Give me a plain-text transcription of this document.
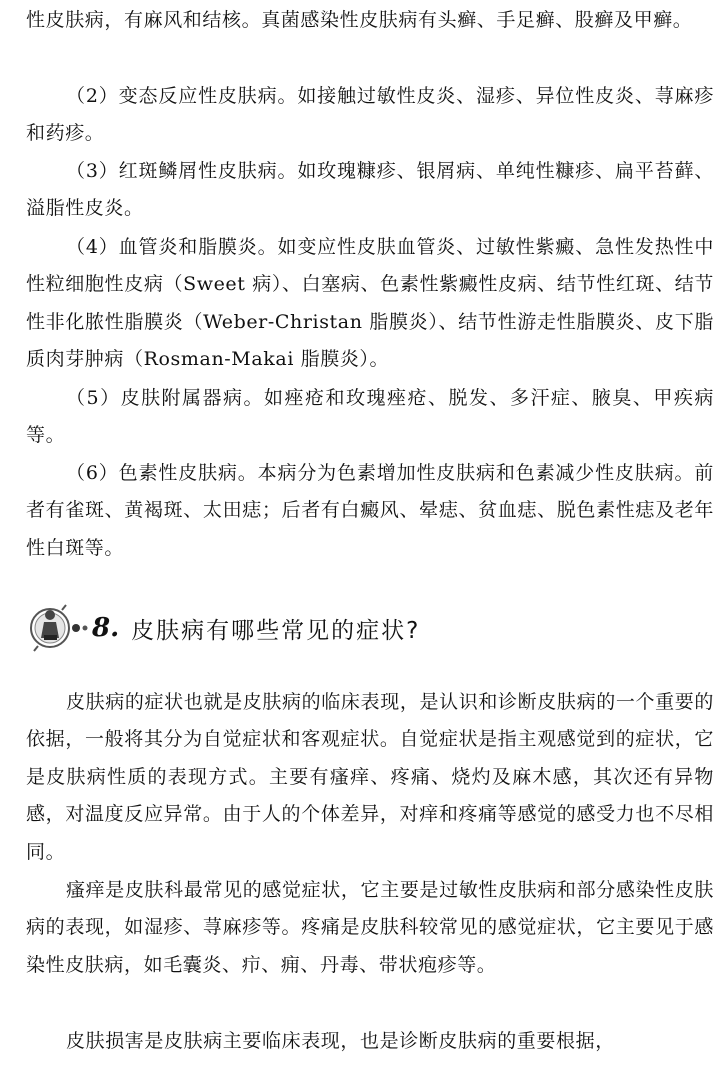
性皮肤病，有麻风和结核。真菌感染性皮肤病有头癣、手足癣、股癣及甲癣。

（2）变态反应性皮肤病。如接触过敏性皮炎、湿疹、异位性皮炎、荨麻疹和药疹。

（3）红斑鳞屑性皮肤病。如玫瑰糠疹、银屑病、单纯性糠疹、扁平苔藓、溢脂性皮炎。

（4）血管炎和脂膜炎。如变应性皮肤血管炎、过敏性紫癜、急性发热性中性粒细胞性皮病（Sweet 病）、白塞病、色素性紫癜性皮病、结节性红斑、结节性非化脓性脂膜炎（Weber-Christan 脂膜炎）、结节性游走性脂膜炎、皮下脂质肉芽肿病（Rosman-Makai 脂膜炎）。

（5）皮肤附属器病。如痤疮和玫瑰痤疮、脱发、多汗症、腋臭、甲疾病等。

（6）色素性皮肤病。本病分为色素增加性皮肤病和色素减少性皮肤病。前者有雀斑、黄褐斑、太田痣；后者有白癜风、晕痣、贫血痣、脱色素性痣及老年性白斑等。

8. 皮肤病有哪些常见的症状?

皮肤病的症状也就是皮肤病的临床表现，是认识和诊断皮肤病的一个重要的依据，一般将其分为自觉症状和客观症状。自觉症状是指主观感觉到的症状，它是皮肤病性质的表现方式。主要有瘙痒、疼痛、烧灼及麻木感，其次还有异物感，对温度反应异常。由于人的个体差异，对痒和疼痛等感觉的感受力也不尽相同。

瘙痒是皮肤科最常见的感觉症状，它主要是过敏性皮肤病和部分感染性皮肤病的表现，如湿疹、荨麻疹等。疼痛是皮肤科较常见的感觉症状，它主要见于感染性皮肤病，如毛囊炎、疖、痈、丹毒、带状疱疹等。

皮肤损害是皮肤病主要临床表现，也是诊断皮肤病的重要根据，
